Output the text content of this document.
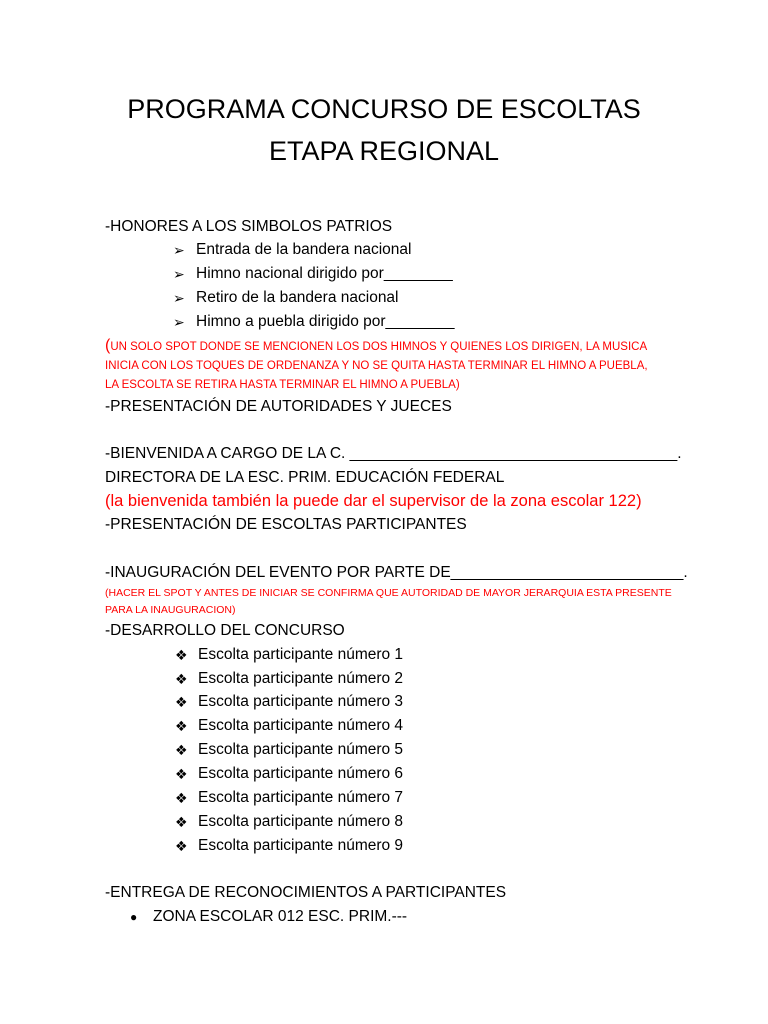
PROGRAMA CONCURSO DE ESCOLTAS
ETAPA REGIONAL
-HONORES A LOS SIMBOLOS PATRIOS
➢ Entrada de la bandera nacional
➢ Himno nacional dirigido por________
➢ Retiro de la bandera nacional
➢ Himno a puebla dirigido por________
(UN SOLO SPOT DONDE SE MENCIONEN LOS DOS HIMNOS Y QUIENES LOS DIRIGEN, LA MUSICA
INICIA CON LOS TOQUES DE ORDENANZA Y NO SE QUITA HASTA TERMINAR EL HIMNO A PUEBLA,
LA ESCOLTA SE RETIRA HASTA TERMINAR EL HIMNO A PUEBLA)
-PRESENTACIÓN DE AUTORIDADES Y JUECES
-BIENVENIDA A CARGO DE LA C. ______________________________________.
DIRECTORA DE LA ESC. PRIM. EDUCACIÓN FEDERAL
(la bienvenida también la puede dar el supervisor de la zona escolar 122)
-PRESENTACIÓN DE ESCOLTAS PARTICIPANTES
-INAUGURACIÓN DEL EVENTO POR PARTE DE___________________________.
(HACER EL SPOT Y ANTES DE INICIAR SE CONFIRMA QUE AUTORIDAD DE MAYOR JERARQUIA ESTA PRESENTE
PARA LA INAUGURACION)
-DESARROLLO DEL CONCURSO
❖ Escolta participante número 1
❖ Escolta participante número 2
❖ Escolta participante número 3
❖ Escolta participante número 4
❖ Escolta participante número 5
❖ Escolta participante número 6
❖ Escolta participante número 7
❖ Escolta participante número 8
❖ Escolta participante número 9
-ENTREGA DE RECONOCIMIENTOS A PARTICIPANTES
●	ZONA ESCOLAR 012 ESC. PRIM.---
